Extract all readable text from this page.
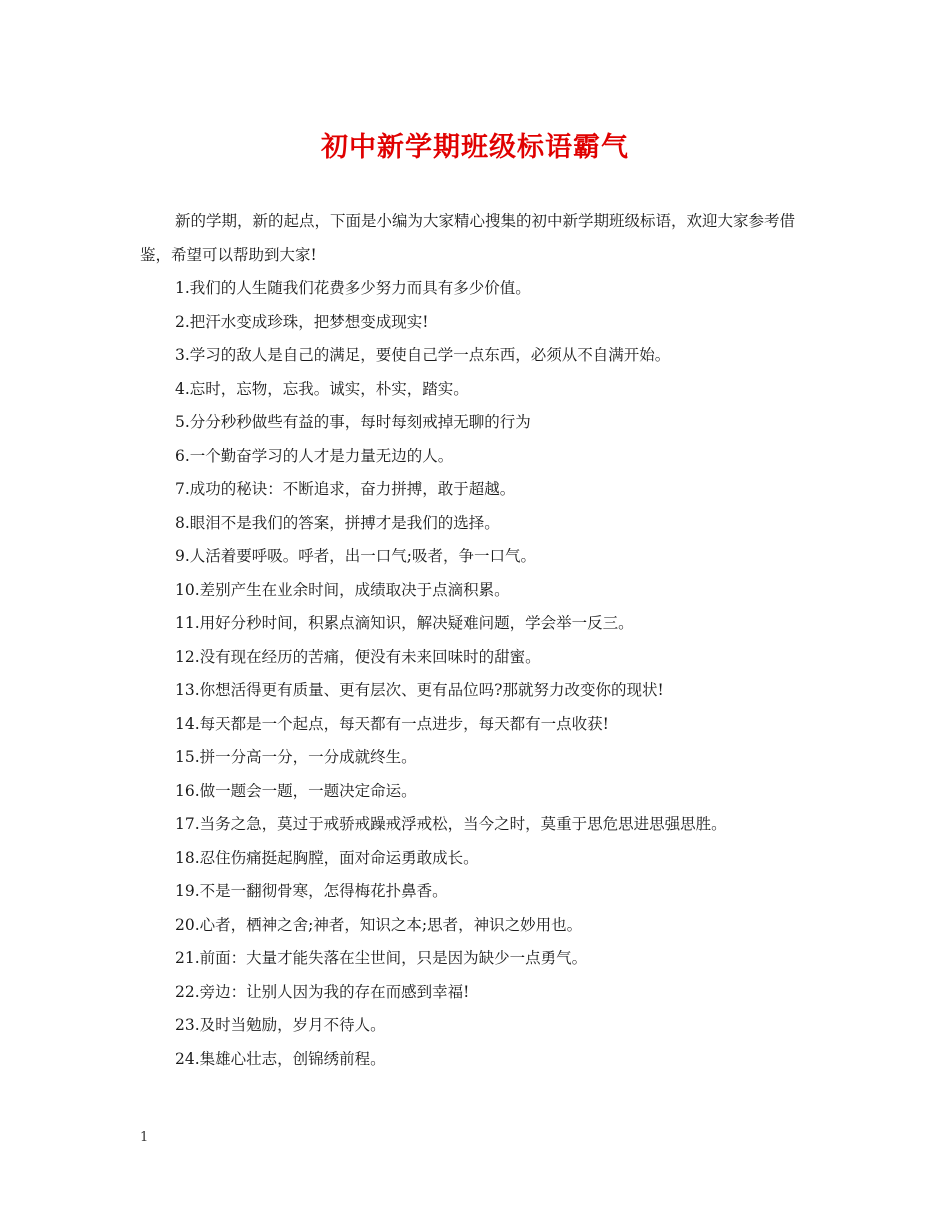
初中新学期班级标语霸气

新的学期，新的起点，下面是小编为大家精心搜集的初中新学期班级标语，欢迎大家参考借鉴，希望可以帮助到大家!

1.我们的人生随我们花费多少努力而具有多少价值。

2.把汗水变成珍珠，把梦想变成现实!

3.学习的敌人是自己的满足，要使自己学一点东西，必须从不自满开始。

4.忘时，忘物，忘我。诚实，朴实，踏实。

5.分分秒秒做些有益的事，每时每刻戒掉无聊的行为

6.一个勤奋学习的人才是力量无边的人。

7.成功的秘诀：不断追求，奋力拼搏，敢于超越。

8.眼泪不是我们的答案，拼搏才是我们的选择。

9.人活着要呼吸。呼者，出一口气;吸者，争一口气。

10.差别产生在业余时间，成绩取决于点滴积累。

11.用好分秒时间，积累点滴知识，解决疑难问题，学会举一反三。

12.没有现在经历的苦痛，便没有未来回味时的甜蜜。

13.你想活得更有质量、更有层次、更有品位吗?那就努力改变你的现状!

14.每天都是一个起点，每天都有一点进步，每天都有一点收获!

15.拼一分高一分，一分成就终生。

16.做一题会一题，一题决定命运。

17.当务之急，莫过于戒骄戒躁戒浮戒松，当今之时，莫重于思危思进思强思胜。

18.忍住伤痛挺起胸膛，面对命运勇敢成长。

19.不是一翻彻骨寒，怎得梅花扑鼻香。

20.心者，栖神之舍;神者，知识之本;思者，神识之妙用也。

21.前面：大量才能失落在尘世间，只是因为缺少一点勇气。

22.旁边：让别人因为我的存在而感到幸福!

23.及时当勉励，岁月不待人。

24.集雄心壮志，创锦绣前程。

1
